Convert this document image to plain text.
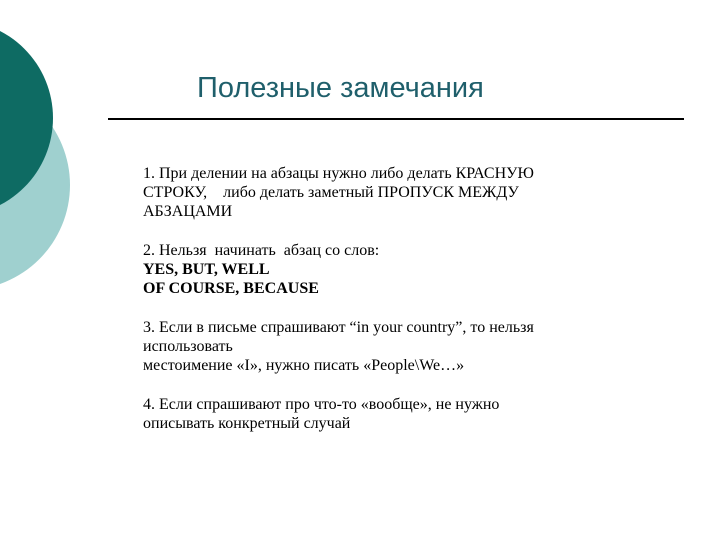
Полезные замечания
1. При делении на абзацы нужно либо делать КРАСНУЮ
СТРОКУ,    либо делать заметный ПРОПУСК МЕЖДУ
АБЗАЦАМИ
2. Нельзя  начинать  абзац со слов:
YES, BUT, WELL
OF COURSE, BECAUSE
3. Если в письме спрашивают “in your country”, то нельзя
использовать
местоимение «I», нужно писать «People\We…»
4. Если спрашивают про что-то «вообще», не нужно
описывать конкретный случай
